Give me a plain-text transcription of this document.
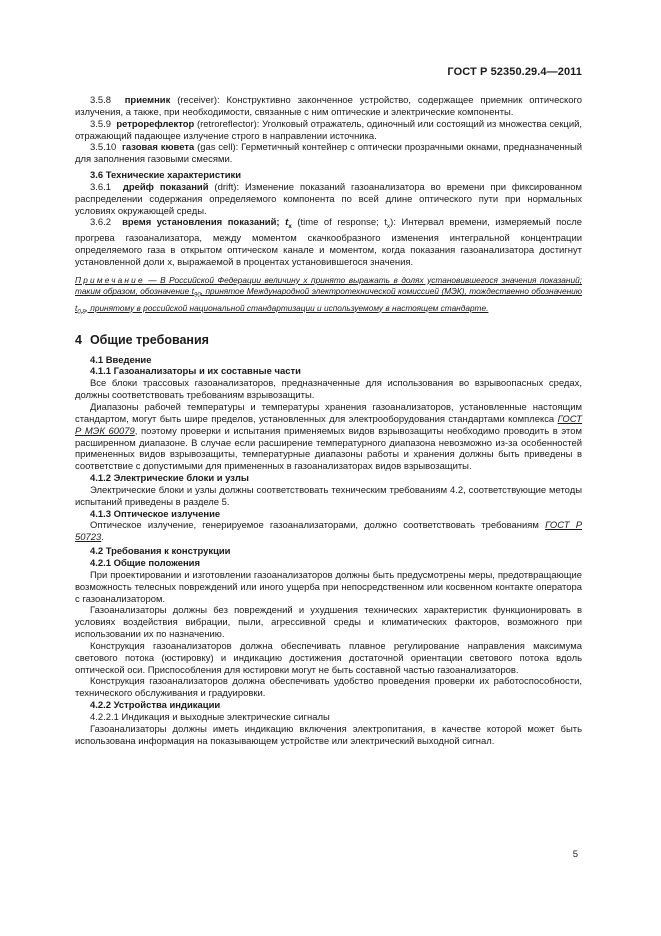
ГОСТ Р 52350.29.4—2011

3.5.8 приемник (receiver): Конструктивно законченное устройство, содержащее приемник оптического излучения, а также, при необходимости, связанные с ним оптические и электрические компоненты.

3.5.9 ретрорефлектор (retroreflector): Уголковый отражатель, одиночный или состоящий из множества секций, отражающий падающее излучение строго в направлении источника.

3.5.10 газовая кювета (gas cell): Герметичный контейнер с оптически прозрачными окнами, предназначенный для заполнения газовыми смесями.

3.6 Технические характеристики

3.6.1 дрейф показаний (drift): Изменение показаний газоанализатора во времени при фиксированном распределении содержания определяемого компонента по всей длине оптического пути при нормальных условиях окружающей среды.

3.6.2 время установления показаний; $t_x$ (time of response; $t_x$): Интервал времени, измеряемый после прогрева газоанализатора, между моментом скачкообразного изменения интегральной концентрации определяемого газа в открытом оптическом канале и моментом, когда показания газоанализатора достигнут установленной доли x, выражаемой в процентах установившегося значения.

Примечание — В Российской Федерации величину x принято выражать в долях установившегося значения показаний; таким образом, обозначение $t_{90}$, принятое Международной электротехнической комиссией (МЭК), тождественно обозначению $t_{0,9}$, принятому в российской национальной стандартизации и используемому в настоящем стандарте.

4 Общие требования

4.1 Введение

4.1.1 Газоанализаторы и их составные части

Все блоки трассовых газоанализаторов, предназначенные для использования во взрывоопасных средах, должны соответствовать требованиям взрывозащиты.

Диапазоны рабочей температуры и температуры хранения газоанализаторов, установленные настоящим стандартом, могут быть шире пределов, установленных для электрооборудования стандартами комплекса ГОСТ Р МЭК 60079, поэтому проверки и испытания применяемых видов взрывозащиты необходимо проводить в этом расширенном диапазоне. В случае если расширение температурного диапазона невозможно из-за особенностей примененных видов взрывозащиты, температурные диапазоны работы и хранения должны быть приведены в соответствие с допустимыми для примененных в газоанализаторах видов взрывозащиты.

4.1.2 Электрические блоки и узлы

Электрические блоки и узлы должны соответствовать техническим требованиям 4.2, соответствующие методы испытаний приведены в разделе 5.

4.1.3 Оптическое излучение

Оптическое излучение, генерируемое газоанализаторами, должно соответствовать требованиям ГОСТ Р 50723.

4.2 Требования к конструкции

4.2.1 Общие положения

При проектировании и изготовлении газоанализаторов должны быть предусмотрены меры, предотвращающие возможность телесных повреждений или иного ущерба при непосредственном или косвенном контакте оператора с газоанализатором.

Газоанализаторы должны без повреждений и ухудшения технических характеристик функционировать в условиях воздействия вибрации, пыли, агрессивной среды и климатических факторов, возможного при использовании их по назначению.

Конструкция газоанализаторов должна обеспечивать плавное регулирование направления максимума светового потока (юстировку) и индикацию достижения достаточной ориентации светового потока вдоль оптической оси. Приспособления для юстировки могут не быть составной частью газоанализаторов.

Конструкция газоанализаторов должна обеспечивать удобство проведения проверки их работоспособности, технического обслуживания и градуировки.

4.2.2 Устройства индикации

4.2.2.1 Индикация и выходные электрические сигналы

Газоанализаторы должны иметь индикацию включения электропитания, в качестве которой может быть использована информация на показывающем устройстве или электрический выходной сигнал.

5
